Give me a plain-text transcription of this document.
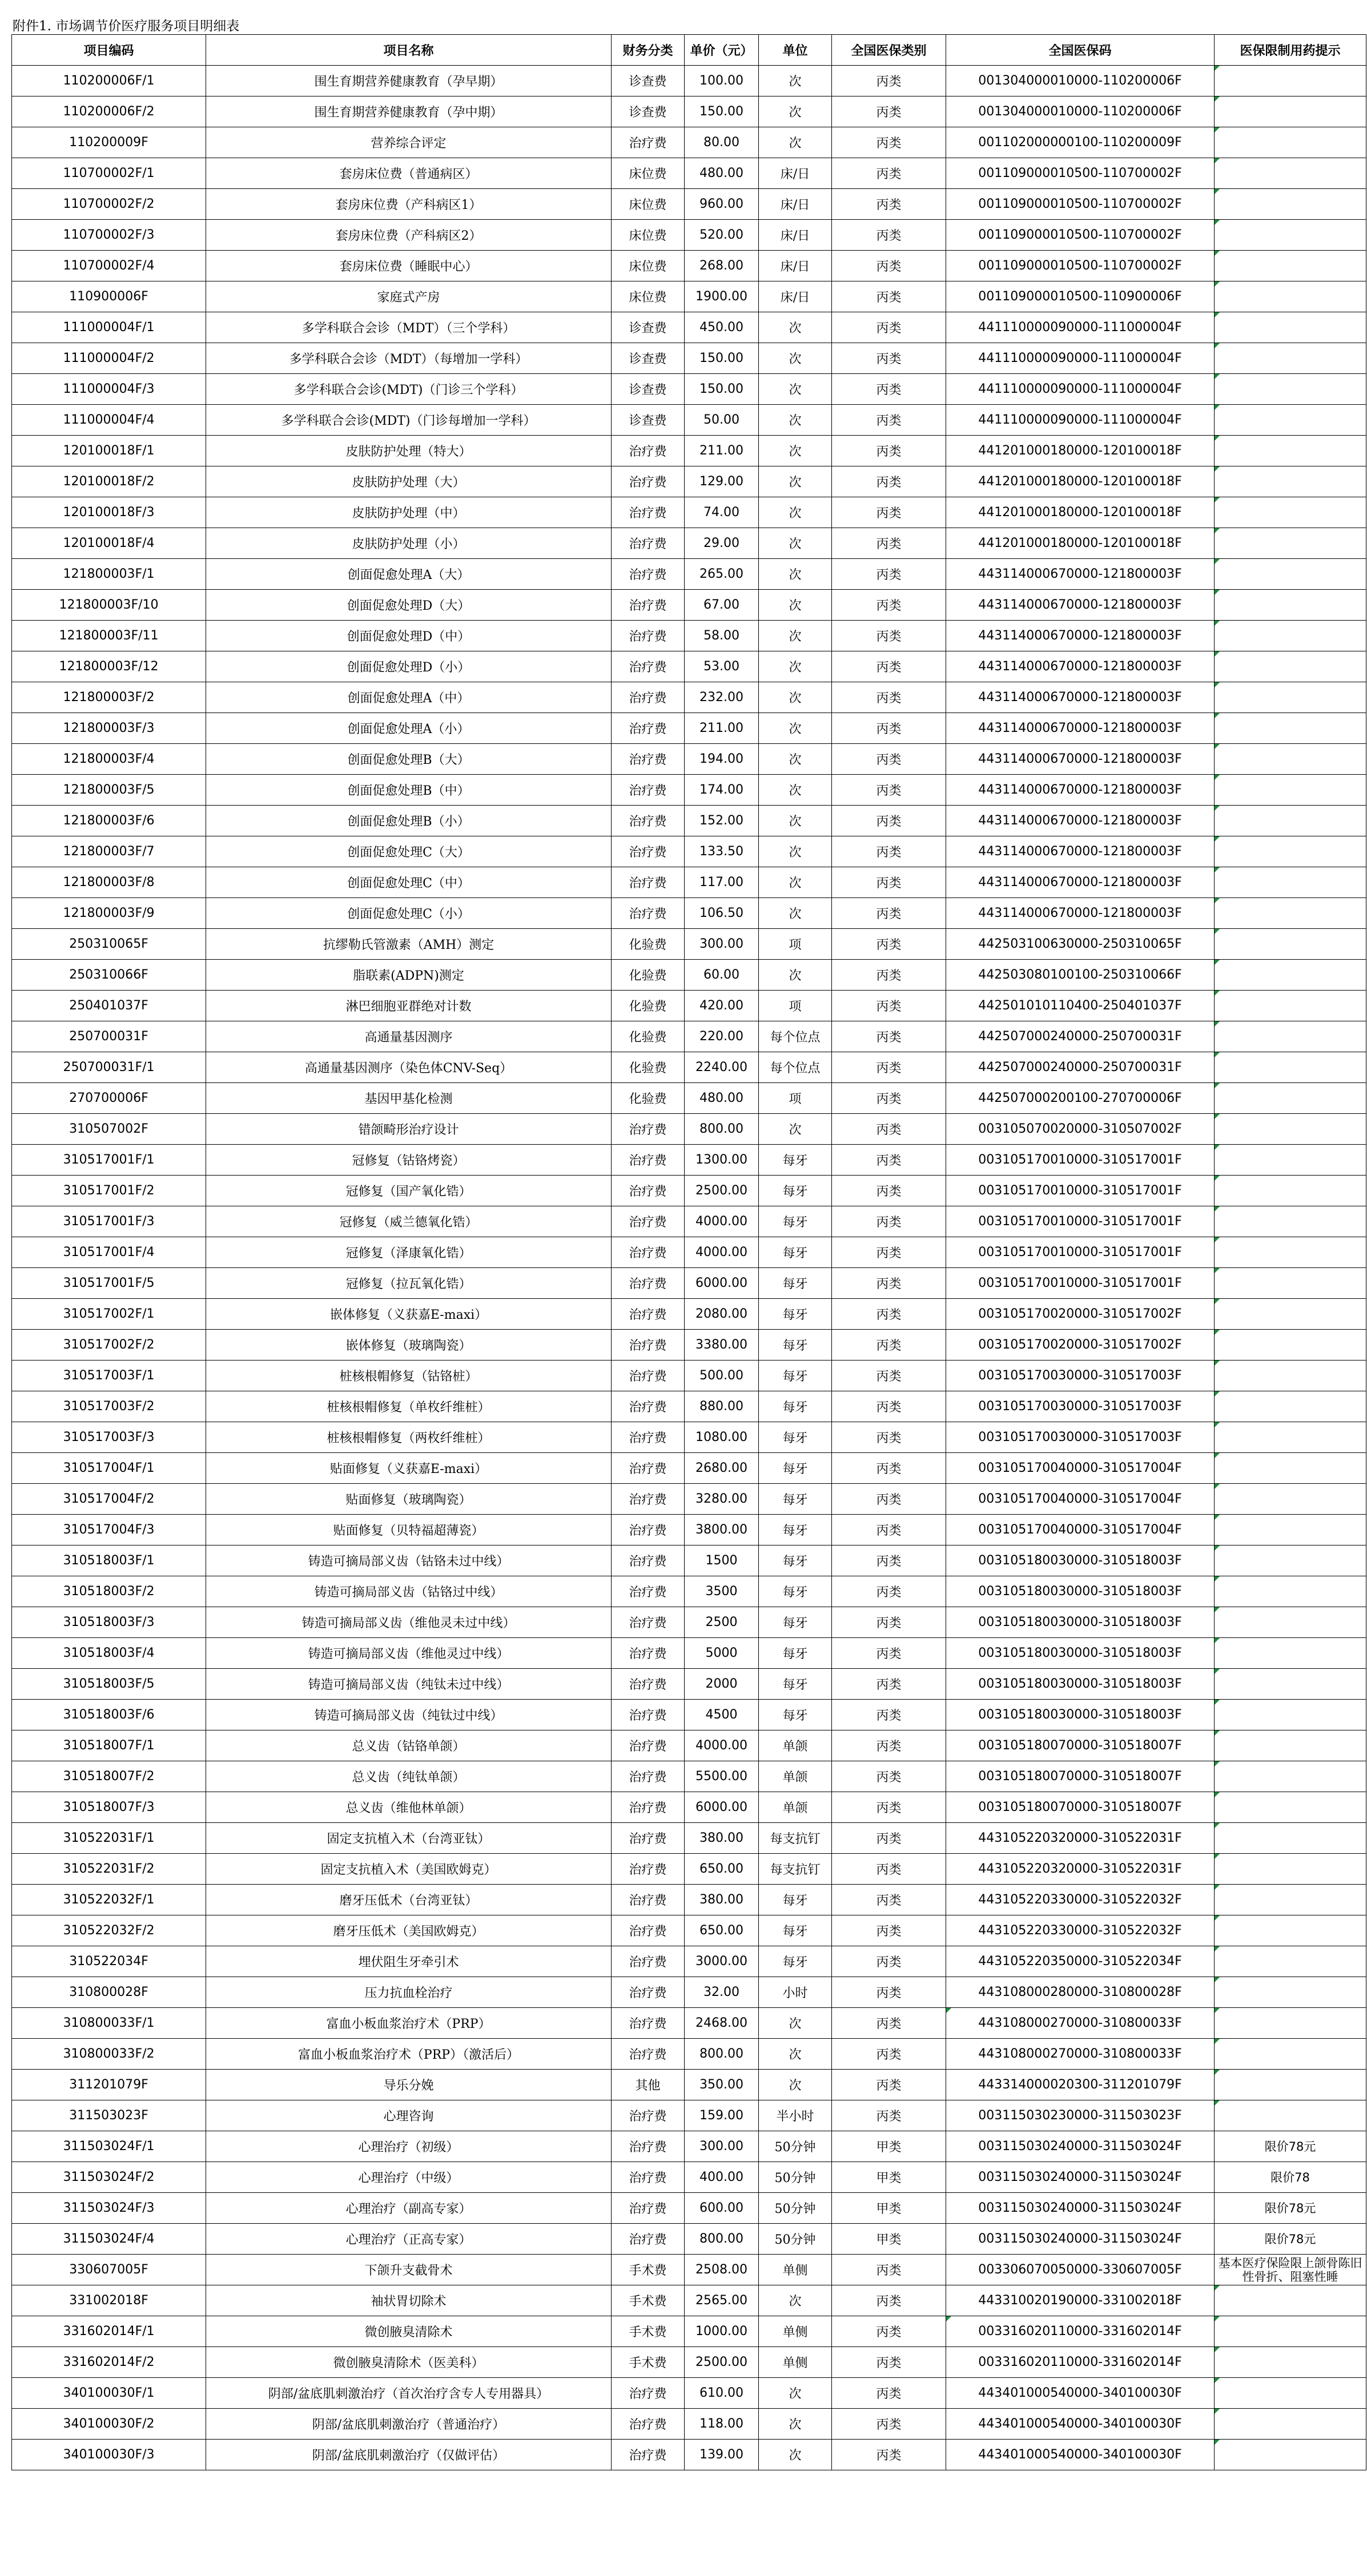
附件1. 市场调节价医疗服务项目明细表
项目编码	项目名称	财务分类	单价（元）	单位	全国医保类别	全国医保码	医保限制用药提示
110200006F/1	围生育期营养健康教育（孕早期）	诊查费	100.00	次	丙类	001304000010000-110200006F	

110200006F/2	围生育期营养健康教育（孕中期）	诊查费	150.00	次	丙类	001304000010000-110200006F	

110200009F	营养综合评定	治疗费	80.00	次	丙类	001102000000100-110200009F	

110700002F/1	套房床位费（普通病区）	床位费	480.00	床/日	丙类	001109000010500-110700002F	

110700002F/2	套房床位费（产科病区1）	床位费	960.00	床/日	丙类	001109000010500-110700002F	

110700002F/3	套房床位费（产科病区2）	床位费	520.00	床/日	丙类	001109000010500-110700002F	

110700002F/4	套房床位费（睡眠中心）	床位费	268.00	床/日	丙类	001109000010500-110700002F	

110900006F	家庭式产房	床位费	1900.00	床/日	丙类	001109000010500-110900006F	

111000004F/1	多学科联合会诊（MDT）（三个学科）	诊查费	450.00	次	丙类	441110000090000-111000004F	

111000004F/2	多学科联合会诊（MDT）（每增加一学科）	诊查费	150.00	次	丙类	441110000090000-111000004F	

111000004F/3	多学科联合会诊(MDT)（门诊三个学科）	诊查费	150.00	次	丙类	441110000090000-111000004F	

111000004F/4	多学科联合会诊(MDT)（门诊每增加一学科）	诊查费	50.00	次	丙类	441110000090000-111000004F	

120100018F/1	皮肤防护处理（特大）	治疗费	211.00	次	丙类	441201000180000-120100018F	

120100018F/2	皮肤防护处理（大）	治疗费	129.00	次	丙类	441201000180000-120100018F	

120100018F/3	皮肤防护处理（中）	治疗费	74.00	次	丙类	441201000180000-120100018F	

120100018F/4	皮肤防护处理（小）	治疗费	29.00	次	丙类	441201000180000-120100018F	

121800003F/1	创面促愈处理A（大）	治疗费	265.00	次	丙类	443114000670000-121800003F	

121800003F/10	创面促愈处理D（大）	治疗费	67.00	次	丙类	443114000670000-121800003F	

121800003F/11	创面促愈处理D（中）	治疗费	58.00	次	丙类	443114000670000-121800003F	

121800003F/12	创面促愈处理D（小）	治疗费	53.00	次	丙类	443114000670000-121800003F	

121800003F/2	创面促愈处理A（中）	治疗费	232.00	次	丙类	443114000670000-121800003F	

121800003F/3	创面促愈处理A（小）	治疗费	211.00	次	丙类	443114000670000-121800003F	

121800003F/4	创面促愈处理B（大）	治疗费	194.00	次	丙类	443114000670000-121800003F	

121800003F/5	创面促愈处理B（中）	治疗费	174.00	次	丙类	443114000670000-121800003F	

121800003F/6	创面促愈处理B（小）	治疗费	152.00	次	丙类	443114000670000-121800003F	

121800003F/7	创面促愈处理C（大）	治疗费	133.50	次	丙类	443114000670000-121800003F	

121800003F/8	创面促愈处理C（中）	治疗费	117.00	次	丙类	443114000670000-121800003F	

121800003F/9	创面促愈处理C（小）	治疗费	106.50	次	丙类	443114000670000-121800003F	

250310065F	抗缪勒氏管激素（AMH）测定	化验费	300.00	项	丙类	442503100630000-250310065F	

250310066F	脂联素(ADPN)测定	化验费	60.00	次	丙类	442503080100100-250310066F	

250401037F	淋巴细胞亚群绝对计数	化验费	420.00	项	丙类	442501010110400-250401037F	

250700031F	高通量基因测序	化验费	220.00	每个位点	丙类	442507000240000-250700031F	

250700031F/1	高通量基因测序（染色体CNV-Seq）	化验费	2240.00	每个位点	丙类	442507000240000-250700031F	

270700006F	基因甲基化检测	化验费	480.00	项	丙类	442507000200100-270700006F	

310507002F	错颌畸形治疗设计	治疗费	800.00	次	丙类	003105070020000-310507002F	

310517001F/1	冠修复（钴铬烤瓷）	治疗费	1300.00	每牙	丙类	003105170010000-310517001F	

310517001F/2	冠修复（国产氧化锆）	治疗费	2500.00	每牙	丙类	003105170010000-310517001F	

310517001F/3	冠修复（威兰德氧化锆）	治疗费	4000.00	每牙	丙类	003105170010000-310517001F	

310517001F/4	冠修复（泽康氧化锆）	治疗费	4000.00	每牙	丙类	003105170010000-310517001F	

310517001F/5	冠修复（拉瓦氧化锆）	治疗费	6000.00	每牙	丙类	003105170010000-310517001F	

310517002F/1	嵌体修复（义获嘉E-maxi）	治疗费	2080.00	每牙	丙类	003105170020000-310517002F	

310517002F/2	嵌体修复（玻璃陶瓷）	治疗费	3380.00	每牙	丙类	003105170020000-310517002F	

310517003F/1	桩核根帽修复（钴铬桩）	治疗费	500.00	每牙	丙类	003105170030000-310517003F	

310517003F/2	桩核根帽修复（单枚纤维桩）	治疗费	880.00	每牙	丙类	003105170030000-310517003F	

310517003F/3	桩核根帽修复（两枚纤维桩）	治疗费	1080.00	每牙	丙类	003105170030000-310517003F	

310517004F/1	贴面修复（义获嘉E-maxi）	治疗费	2680.00	每牙	丙类	003105170040000-310517004F	

310517004F/2	贴面修复（玻璃陶瓷）	治疗费	3280.00	每牙	丙类	003105170040000-310517004F	

310517004F/3	贴面修复（贝特福超薄瓷）	治疗费	3800.00	每牙	丙类	003105170040000-310517004F	

310518003F/1	铸造可摘局部义齿（钴铬未过中线）	治疗费	1500	每牙	丙类	003105180030000-310518003F	

310518003F/2	铸造可摘局部义齿（钴铬过中线）	治疗费	3500	每牙	丙类	003105180030000-310518003F	

310518003F/3	铸造可摘局部义齿（维他灵未过中线）	治疗费	2500	每牙	丙类	003105180030000-310518003F	

310518003F/4	铸造可摘局部义齿（维他灵过中线）	治疗费	5000	每牙	丙类	003105180030000-310518003F	

310518003F/5	铸造可摘局部义齿（纯钛未过中线）	治疗费	2000	每牙	丙类	003105180030000-310518003F	

310518003F/6	铸造可摘局部义齿（纯钛过中线）	治疗费	4500	每牙	丙类	003105180030000-310518003F	

310518007F/1	总义齿（钴铬单颌）	治疗费	4000.00	单颌	丙类	003105180070000-310518007F	

310518007F/2	总义齿（纯钛单颌）	治疗费	5500.00	单颌	丙类	003105180070000-310518007F	

310518007F/3	总义齿（维他林单颌）	治疗费	6000.00	单颌	丙类	003105180070000-310518007F	

310522031F/1	固定支抗植入术（台湾亚钛）	治疗费	380.00	每支抗钉	丙类	443105220320000-310522031F	

310522031F/2	固定支抗植入术（美国欧姆克）	治疗费	650.00	每支抗钉	丙类	443105220320000-310522031F	

310522032F/1	磨牙压低术（台湾亚钛）	治疗费	380.00	每牙	丙类	443105220330000-310522032F	

310522032F/2	磨牙压低术（美国欧姆克）	治疗费	650.00	每牙	丙类	443105220330000-310522032F	

310522034F	埋伏阻生牙牵引术	治疗费	3000.00	每牙	丙类	443105220350000-310522034F	

310800028F	压力抗血栓治疗	治疗费	32.00	小时	丙类	443108000280000-310800028F	

310800033F/1	富血小板血浆治疗术（PRP）	治疗费	2468.00	次	丙类	443108000270000-310800033F

310800033F/2	富血小板血浆治疗术（PRP）（激活后）	治疗费	800.00	次	丙类	443108000270000-310800033F	

311201079F	导乐分娩	其他	350.00	次	丙类	443314000020300-311201079F	

311503023F	心理咨询	治疗费	159.00	半小时	丙类	003115030230000-311503023F	

311503024F/1	心理治疗（初级）	治疗费	300.00	50分钟	甲类	003115030240000-311503024F	限价78元
311503024F/2	心理治疗（中级）	治疗费	400.00	50分钟	甲类	003115030240000-311503024F	限价78
311503024F/3	心理治疗（副高专家）	治疗费	600.00	50分钟	甲类	003115030240000-311503024F	限价78元
311503024F/4	心理治疗（正高专家）	治疗费	800.00	50分钟	甲类	003115030240000-311503024F	限价78元
330607005F	下颌升支截骨术	手术费	2508.00	单侧	丙类	003306070050000-330607005F	基本医疗保险限上颌骨陈旧性骨折、阻塞性睡
331002018F	袖状胃切除术	手术费	2565.00	次	丙类	443310020190000-331002018F	

331602014F/1	微创腋臭清除术	手术费	1000.00	单侧	丙类	003316020110000-331602014F

331602014F/2	微创腋臭清除术（医美科）	手术费	2500.00	单侧	丙类	003316020110000-331602014F	

340100030F/1	阴部/盆底肌刺激治疗（首次治疗含专人专用器具）	治疗费	610.00	次	丙类	443401000540000-340100030F	

340100030F/2	阴部/盆底肌刺激治疗（普通治疗）	治疗费	118.00	次	丙类	443401000540000-340100030F	

340100030F/3	阴部/盆底肌刺激治疗（仅做评估）	治疗费	139.00	次	丙类	443401000540000-340100030F	
